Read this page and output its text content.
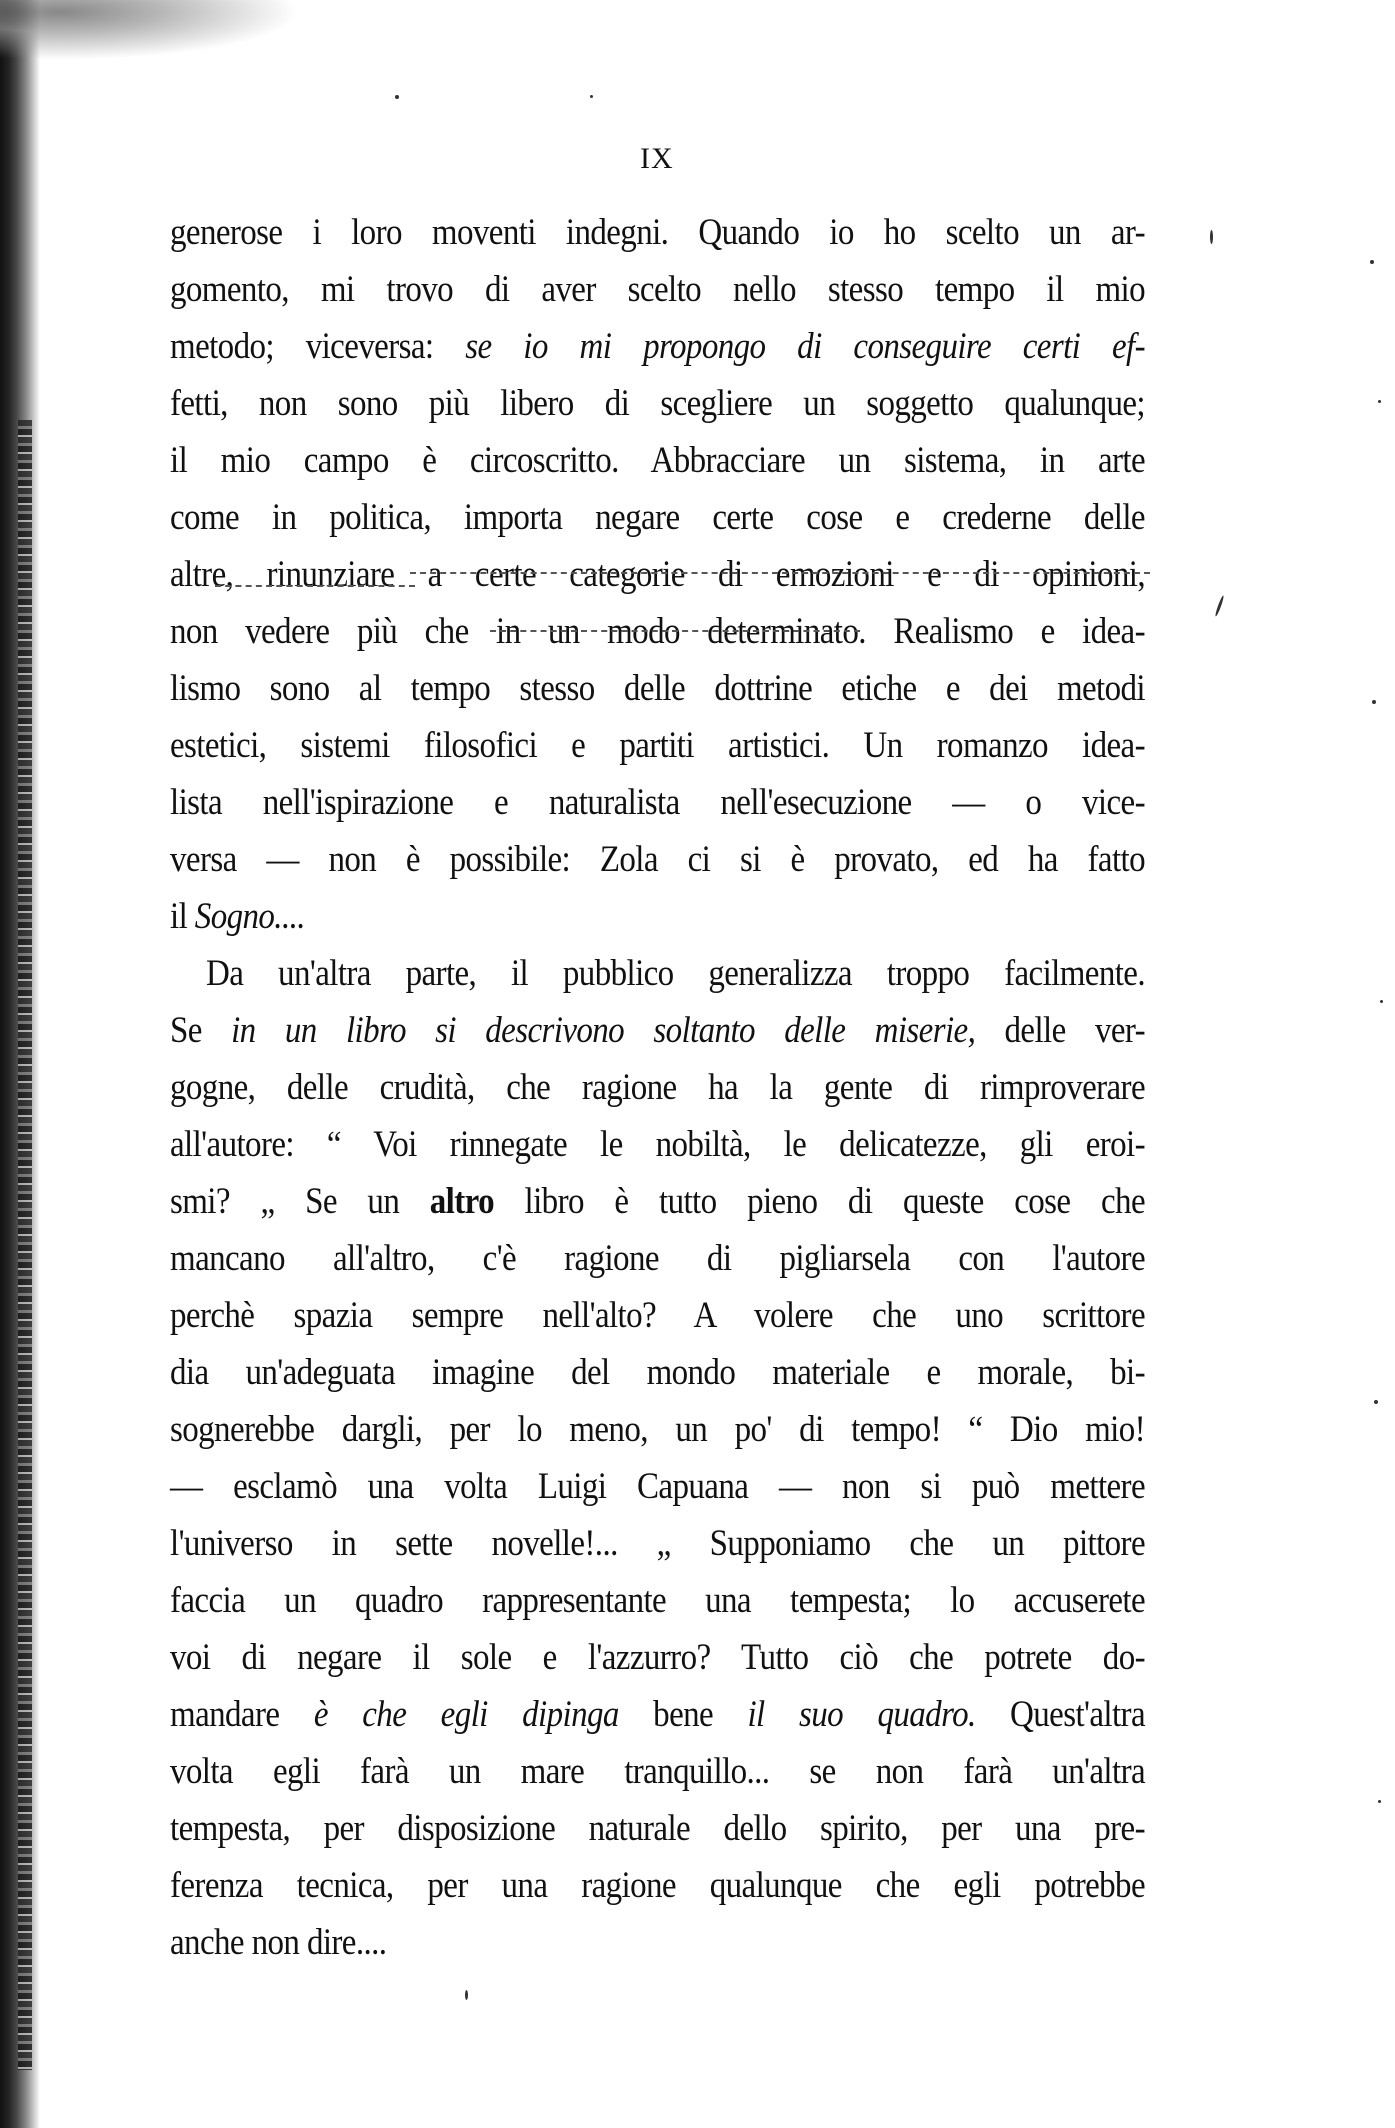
IX
generose i loro moventi indegni. Quando io ho scelto un ar-
gomento, mi trovo di aver scelto nello stesso tempo il mio
metodo; viceversa: se io mi propongo di conseguire certi ef-
fetti, non sono più libero di scegliere un soggetto qualunque;
il mio campo è circoscritto. Abbracciare un sistema, in arte
come in politica, importa negare certe cose e crederne delle
altre, rinunziare a certe categorie di emozioni e di opinioni,
non vedere più che in un modo determinato. Realismo e idea-
lismo sono al tempo stesso delle dottrine etiche e dei metodi
estetici, sistemi filosofici e partiti artistici. Un romanzo idea-
lista nell'ispirazione e naturalista nell'esecuzione — o vice-
versa — non è possibile: Zola ci si è provato, ed ha fatto
il Sogno....
Da un'altra parte, il pubblico generalizza troppo facilmente.
Se in un libro si descrivono soltanto delle miserie, delle ver-
gogne, delle crudità, che ragione ha la gente di rimproverare
all'autore: “ Voi rinnegate le nobiltà, le delicatezze, gli eroi-
smi? „ Se un altro libro è tutto pieno di queste cose che
mancano all'altro, c'è ragione di pigliarsela con l'autore
perchè spazia sempre nell'alto? A volere che uno scrittore
dia un'adeguata imagine del mondo materiale e morale, bi-
sognerebbe dargli, per lo meno, un po' di tempo! “ Dio mio!
— esclamò una volta Luigi Capuana — non si può mettere
l'universo in sette novelle!... „ Supponiamo che un pittore
faccia un quadro rappresentante una tempesta; lo accuserete
voi di negare il sole e l'azzurro? Tutto ciò che potrete do-
mandare è che egli dipinga bene il suo quadro. Quest'altra
volta egli farà un mare tranquillo... se non farà un'altra
tempesta, per disposizione naturale dello spirito, per una pre-
ferenza tecnica, per una ragione qualunque che egli potrebbe
anche non dire....
